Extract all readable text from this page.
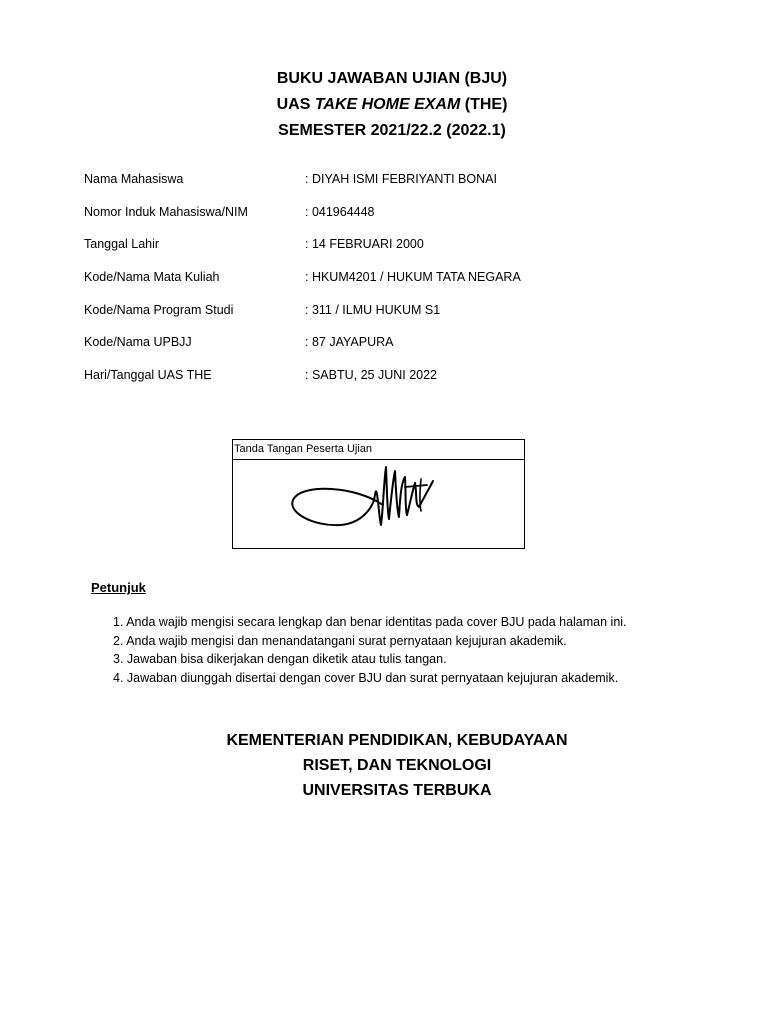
BUKU JAWABAN UJIAN (BJU)
UAS TAKE HOME EXAM (THE)
SEMESTER 2021/22.2 (2022.1)
Nama Mahasiswa	: DIYAH ISMI FEBRIYANTI BONAI
Nomor Induk Mahasiswa/NIM	: 041964448
Tanggal Lahir	: 14 FEBRUARI 2000
Kode/Nama Mata Kuliah	: HKUM4201 / HUKUM TATA NEGARA
Kode/Nama Program Studi	: 311 / ILMU HUKUM S1
Kode/Nama UPBJJ	: 87 JAYAPURA
Hari/Tanggal UAS THE	: SABTU, 25 JUNI 2022
Tanda Tangan Peserta Ujian
Petunjuk
1. Anda wajib mengisi secara lengkap dan benar identitas pada cover BJU pada halaman ini.
2. Anda wajib mengisi dan menandatangani surat pernyataan kejujuran akademik.
3. Jawaban bisa dikerjakan dengan diketik atau tulis tangan.
4. Jawaban diunggah disertai dengan cover BJU dan surat pernyataan kejujuran akademik.
KEMENTERIAN PENDIDIKAN, KEBUDAYAAN
RISET, DAN TEKNOLOGI
UNIVERSITAS TERBUKA
